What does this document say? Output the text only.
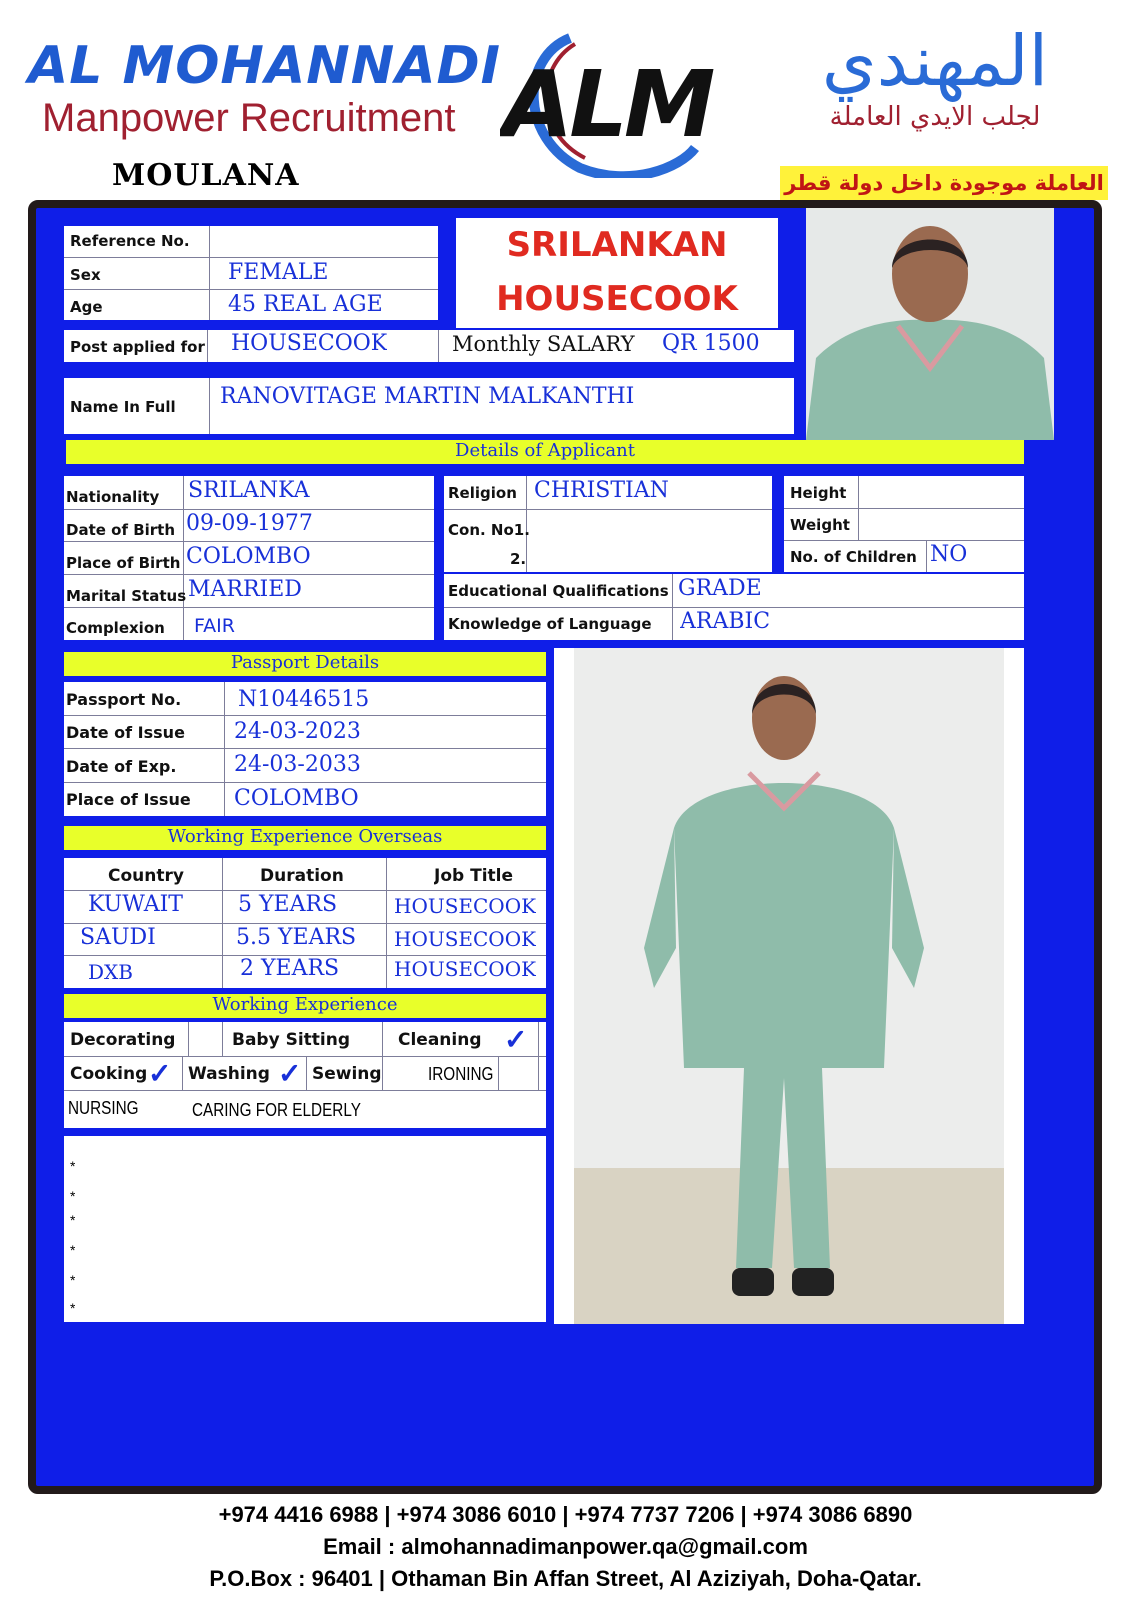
AL MOHANNADI
Manpower Recruitment ALM	المهندي
لجلب الايدي العاملة
MOULANA	العاملة موجودة داخل دولة قطر
Reference No.
Sex	FEMALE
Age	45 REAL AGE
SRILANKAN
HOUSECOOK
Post applied for HOUSECOOK	Monthly SALARY QR 1500
Name In Full RANOVITAGE MARTIN MALKANTHI
Details of Applicant
Nationality SRILANKA
Date of Birth 09-09-1977
Place of Birth COLOMBO
Marital Status MARRIED
Complexion FAIR
Religion CHRISTIAN
Con. No1.
2.
Height
Weight
No. of Children NO
Educational Qualifications GRADE
Knowledge of Language ARABIC
Passport Details
Passport No.	N10446515
Date of Issue 24-03-2023
Date of Exp.	24-03-2033
Place of Issue COLOMBO
Working Experience Overseas
Country	Duration	Job Title
KUWAIT	5 YEARS	HOUSECOOK
SAUDI	5.5 YEARS HOUSECOOK
DXB	2 YEARS	HOUSECOOK
Working Experience
Decorating	Baby Sitting	Cleaning ✓
Cooking ✓ Washing ✓ Sewing	IRONING
NURSING	CARING FOR ELDERLY
*
*
*
*
*
*
+974 4416 6988 | +974 3086 6010 | +974 7737 7206 | +974 3086 6890
Email : almohannadimanpower.qa@gmail.com
P.O.Box : 96401 | Othaman Bin Affan Street, Al Aziziyah, Doha-Qatar.
